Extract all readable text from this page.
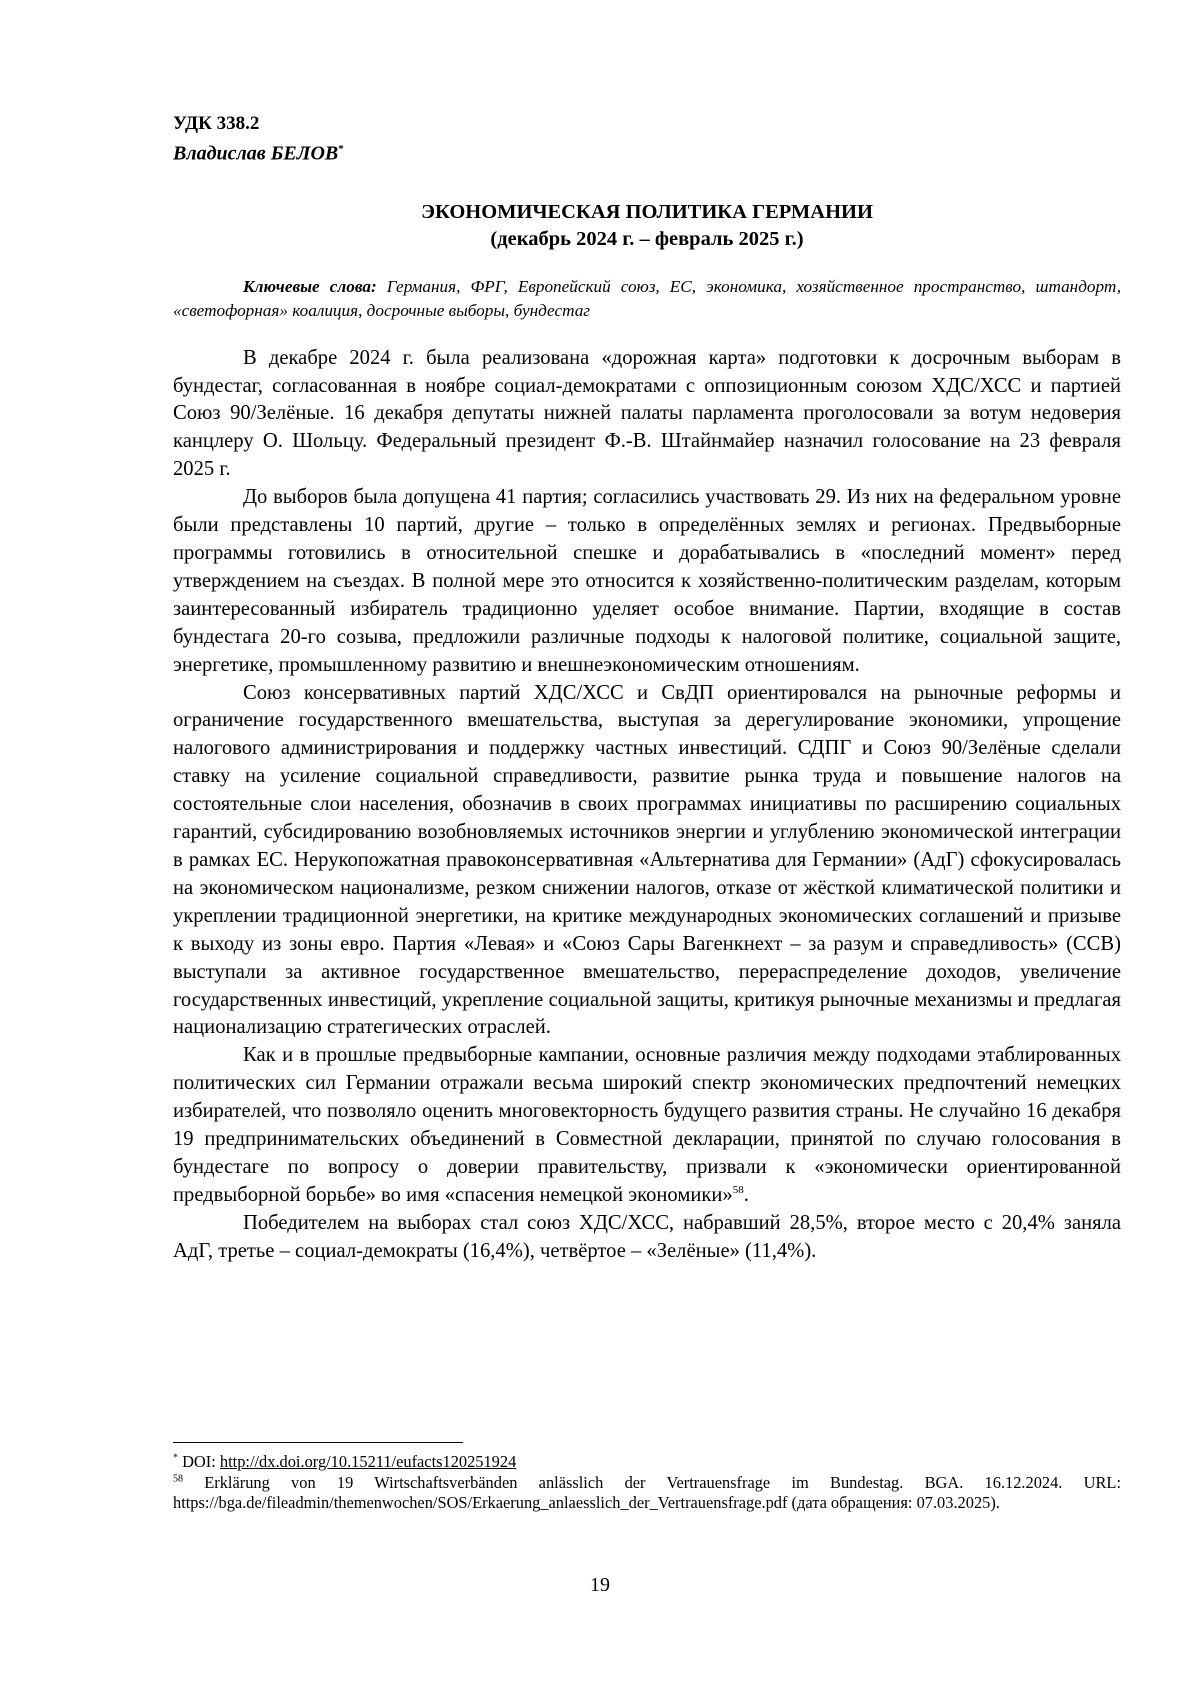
УДК 338.2
Владислав БЕЛОВ*
ЭКОНОМИЧЕСКАЯ ПОЛИТИКА ГЕРМАНИИ
(декабрь 2024 г. – февраль 2025 г.)
Ключевые слова: Германия, ФРГ, Европейский союз, ЕС, экономика, хозяйственное пространство, штандорт, «светофорная» коалиция, досрочные выборы, бундестаг

В декабре 2024 г. была реализована «дорожная карта» подготовки к досрочным выборам в бундестаг, согласованная в ноябре социал-демократами с оппозиционным союзом ХДС/ХСС и партией Союз 90/Зелёные. 16 декабря депутаты нижней палаты парламента проголосовали за вотум недоверия канцлеру О. Шольцу. Федеральный президент Ф.-В. Штайнмайер назначил голосование на 23 февраля 2025 г.

До выборов была допущена 41 партия; согласились участвовать 29. Из них на федеральном уровне были представлены 10 партий, другие – только в определённых землях и регионах. Предвыборные программы готовились в относительной спешке и дорабатывались в «последний момент» перед утверждением на съездах. В полной мере это относится к хозяйственно-политическим разделам, которым заинтересованный избиратель традиционно уделяет особое внимание. Партии, входящие в состав бундестага 20-го созыва, предложили различные подходы к налоговой политике, социальной защите, энергетике, промышленному развитию и внешнеэкономическим отношениям.

Союз консервативных партий ХДС/ХСС и СвДП ориентировался на рыночные реформы и ограничение государственного вмешательства, выступая за дерегулирование экономики, упрощение налогового администрирования и поддержку частных инвестиций. СДПГ и Союз 90/Зелёные сделали ставку на усиление социальной справедливости, развитие рынка труда и повышение налогов на состоятельные слои населения, обозначив в своих программах инициативы по расширению социальных гарантий, субсидированию возобновляемых источников энергии и углублению экономической интеграции в рамках ЕС. Нерукопожатная правоконсервативная «Альтернатива для Германии» (АдГ) сфокусировалась на экономическом национализме, резком снижении налогов, отказе от жёсткой климатической политики и укреплении традиционной энергетики, на критике международных экономических соглашений и призыве к выходу из зоны евро. Партия «Левая» и «Союз Сары Вагенкнехт – за разум и справедливость» (ССВ) выступали за активное государственное вмешательство, перераспределение доходов, увеличение государственных инвестиций, укрепление социальной защиты, критикуя рыночные механизмы и предлагая национализацию стратегических отраслей.

Как и в прошлые предвыборные кампании, основные различия между подходами этаблированных политических сил Германии отражали весьма широкий спектр экономических предпочтений немецких избирателей, что позволяло оценить многовекторность будущего развития страны. Не случайно 16 декабря 19 предпринимательских объединений в Совместной декларации, принятой по случаю голосования в бундестаге по вопросу о доверии правительству, призвали к «экономически ориентированной предвыборной борьбе» во имя «спасения немецкой экономики»$^{58}$.

Победителем на выборах стал союз ХДС/ХСС, набравший 28,5%, второе место с 20,4% заняла АдГ, третье – социал-демократы (16,4%), четвёртое – «Зелёные» (11,4%).

* DOI: http://dx.doi.org/10.15211/eufacts120251924

$^{58}$ Erklärung von 19 Wirtschaftsverbänden anlässlich der Vertrauensfrage im Bundestag. BGA. 16.12.2024. URL: https://bga.de/fileadmin/themenwochen/SOS/Erkaerung_anlaesslich_der_Vertrauensfrage.pdf (дата обращения: 07.03.2025).

19
